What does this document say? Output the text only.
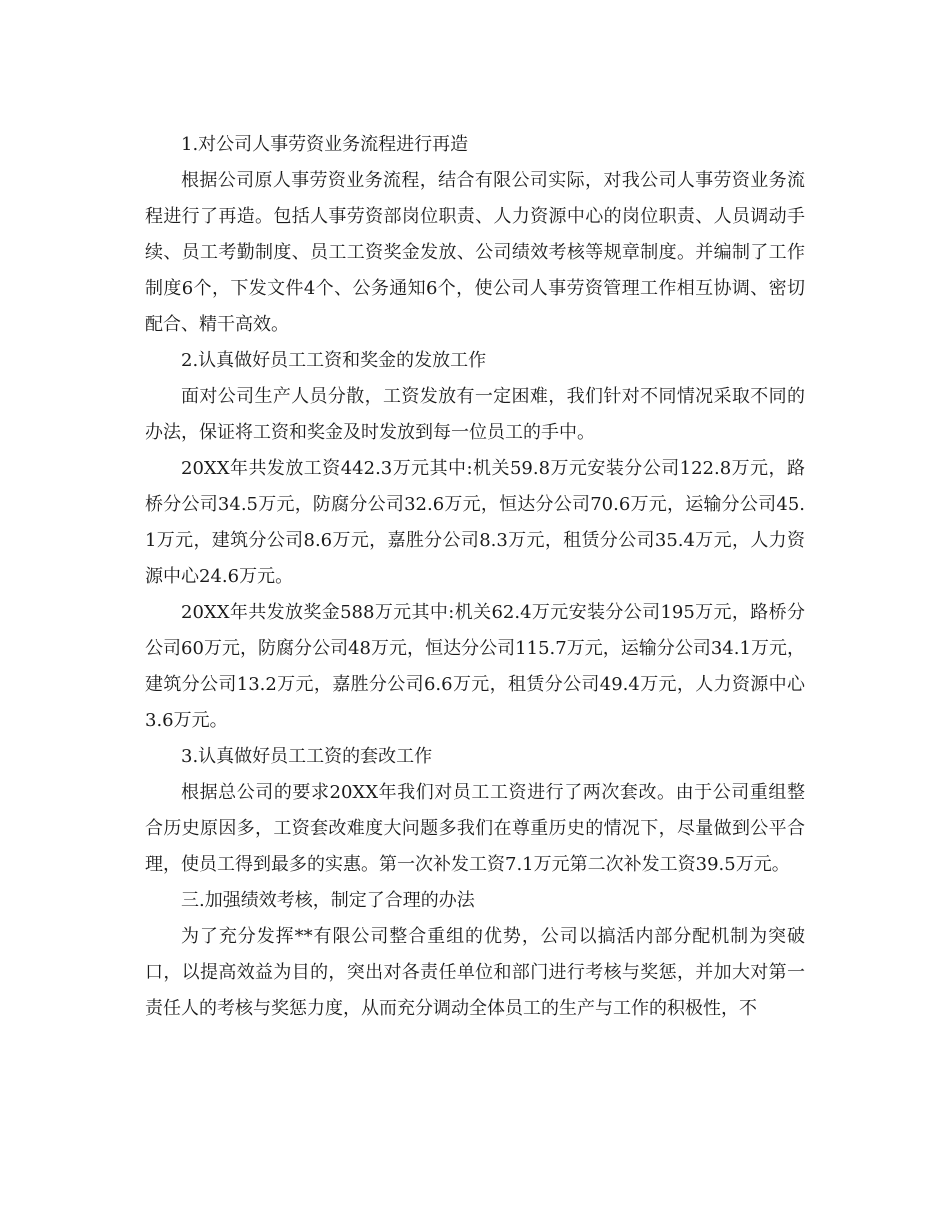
1.对公司人事劳资业务流程进行再造

根据公司原人事劳资业务流程，结合有限公司实际，对我公司人事劳资业务流程进行了再造。包括人事劳资部岗位职责、人力资源中心的岗位职责、人员调动手续、员工考勤制度、员工工资奖金发放、公司绩效考核等规章制度。并编制了工作制度6个，下发文件4个、公务通知6个，使公司人事劳资管理工作相互协调、密切配合、精干高效。

2.认真做好员工工资和奖金的发放工作

面对公司生产人员分散，工资发放有一定困难，我们针对不同情况采取不同的办法，保证将工资和奖金及时发放到每一位员工的手中。

20XX年共发放工资442.3万元其中:机关59.8万元安装分公司122.8万元，路桥分公司34.5万元，防腐分公司32.6万元，恒达分公司70.6万元，运输分公司45.1万元，建筑分公司8.6万元，嘉胜分公司8.3万元，租赁分公司35.4万元，人力资源中心24.6万元。

20XX年共发放奖金588万元其中:机关62.4万元安装分公司195万元，路桥分公司60万元，防腐分公司48万元，恒达分公司115.7万元，运输分公司34.1万元，建筑分公司13.2万元，嘉胜分公司6.6万元，租赁分公司49.4万元，人力资源中心3.6万元。

3.认真做好员工工资的套改工作

根据总公司的要求20XX年我们对员工工资进行了两次套改。由于公司重组整合历史原因多，工资套改难度大问题多我们在尊重历史的情况下，尽量做到公平合理，使员工得到最多的实惠。第一次补发工资7.1万元第二次补发工资39.5万元。

三.加强绩效考核，制定了合理的办法

为了充分发挥**有限公司整合重组的优势，公司以搞活内部分配机制为突破口，以提高效益为目的，突出对各责任单位和部门进行考核与奖惩，并加大对第一责任人的考核与奖惩力度，从而充分调动全体员工的生产与工作的积极性，不
